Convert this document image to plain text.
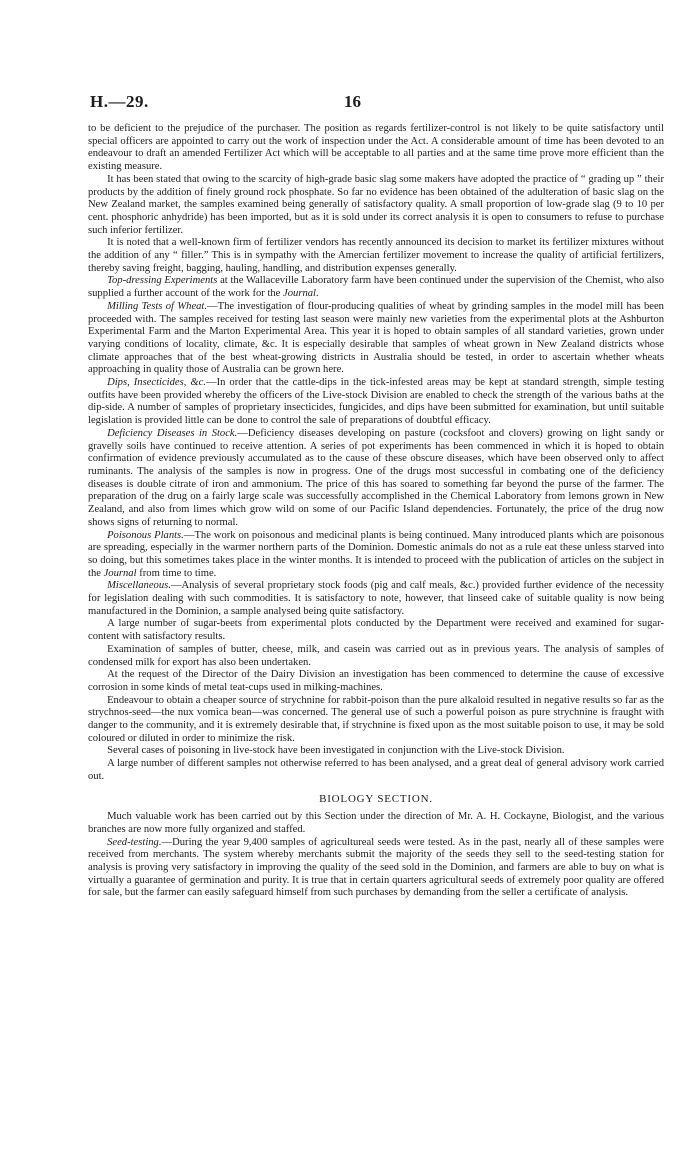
H.—29.	16

to be deficient to the prejudice of the purchaser. The position as regards fertilizer-control is not likely to be quite satisfactory until special officers are appointed to carry out the work of inspection under the Act. A considerable amount of time has been devoted to an endeavour to draft an amended Fertilizer Act which will be acceptable to all parties and at the same time prove more efficient than the existing measure.

It has been stated that owing to the scarcity of high-grade basic slag some makers have adopted the practice of “ grading up ” their products by the addition of finely ground rock phosphate. So far no evidence has been obtained of the adulteration of basic slag on the New Zealand market, the samples examined being generally of satisfactory quality. A small proportion of low-grade slag (9 to 10 per cent. phosphoric anhydride) has been imported, but as it is sold under its correct analysis it is open to consumers to refuse to purchase such inferior fertilizer.

It is noted that a well-known firm of fertilizer vendors has recently announced its decision to market its fertilizer mixtures without the addition of any “ filler.” This is in sympathy with the Amercian fertilizer movement to increase the quality of artificial fertilizers, thereby saving freight, bagging, hauling, handling, and distribution expenses generally.

Top-dressing Experiments at the Wallaceville Laboratory farm have been continued under the supervision of the Chemist, who also supplied a further account of the work for the Journal.

Milling Tests of Wheat.—The investigation of flour-producing qualities of wheat by grinding samples in the model mill has been proceeded with. The samples received for testing last season were mainly new varieties from the experimental plots at the Ashburton Experimental Farm and the Marton Experimental Area. This year it is hoped to obtain samples of all standard varieties, grown under varying conditions of locality, climate, &c. It is especially desirable that samples of wheat grown in New Zealand districts whose climate approaches that of the best wheat-growing districts in Australia should be tested, in order to ascertain whether wheats approaching in quality those of Australia can be grown here.

Dips, Insecticides, &c.—In order that the cattle-dips in the tick-infested areas may be kept at standard strength, simple testing outfits have been provided whereby the officers of the Live-stock Division are enabled to check the strength of the various baths at the dip-side. A number of samples of proprietary insecticides, fungicides, and dips have been submitted for examination, but until suitable legislation is provided little can be done to control the sale of preparations of doubtful efficacy.

Deficiency Diseases in Stock.—Deficiency diseases developing on pasture (cocksfoot and clovers) growing on light sandy or gravelly soils have continued to receive attention. A series of pot experiments has been commenced in which it is hoped to obtain confirmation of evidence previously accumulated as to the cause of these obscure diseases, which have been observed only to affect ruminants. The analysis of the samples is now in progress. One of the drugs most successful in combating one of the deficiency diseases is double citrate of iron and ammonium. The price of this has soared to something far beyond the purse of the farmer. The preparation of the drug on a fairly large scale was successfully accomplished in the Chemical Laboratory from lemons grown in New Zealand, and also from limes which grow wild on some of our Pacific Island dependencies. Fortunately, the price of the drug now shows signs of returning to normal.

Poisonous Plants.—The work on poisonous and medicinal plants is being continued. Many introduced plants which are poisonous are spreading, especially in the warmer northern parts of the Dominion. Domestic animals do not as a rule eat these unless starved into so doing, but this sometimes takes place in the winter months. It is intended to proceed with the publication of articles on the subject in the Journal from time to time.

Miscellaneous.—Analysis of several proprietary stock foods (pig and calf meals, &c.) provided further evidence of the necessity for legislation dealing with such commodities. It is satisfactory to note, however, that linseed cake of suitable quality is now being manufactured in the Dominion, a sample analysed being quite satisfactory.

A large number of sugar-beets from experimental plots conducted by the Department were received and examined for sugar-content with satisfactory results.

Examination of samples of butter, cheese, milk, and casein was carried out as in previous years. The analysis of samples of condensed milk for export has also been undertaken.

At the request of the Director of the Dairy Division an investigation has been commenced to determine the cause of excessive corrosion in some kinds of metal teat-cups used in milking-machines.

Endeavour to obtain a cheaper source of strychnine for rabbit-poison than the pure alkaloid resulted in negative results so far as the strychnos-seed—the nux vomica bean—was concerned. The general use of such a powerful poison as pure strychnine is fraught with danger to the community, and it is extremely desirable that, if strychnine is fixed upon as the most suitable poison to use, it may be sold coloured or diluted in order to minimize the risk.

Several cases of poisoning in live-stock have been investigated in conjunction with the Live-stock Division.

A large number of different samples not otherwise referred to has been analysed, and a great deal of general advisory work carried out.

BIOLOGY SECTION.

Much valuable work has been carried out by this Section under the direction of Mr. A. H. Cockayne, Biologist, and the various branches are now more fully organized and staffed.

Seed-testing.—During the year 9,400 samples of agricultureal seeds were tested. As in the past, nearly all of these samples were received from merchants. The system whereby merchants submit the majority of the seeds they sell to the seed-testing station for analysis is proving very satisfactory in improving the quality of the seed sold in the Dominion, and farmers are able to buy on what is virtually a guarantee of germination and purity. It is true that in certain quarters agricultural seeds of extremely poor quality are offered for sale, but the farmer can easily safeguard himself from such purchases by demanding from the seller a certificate of analysis.
